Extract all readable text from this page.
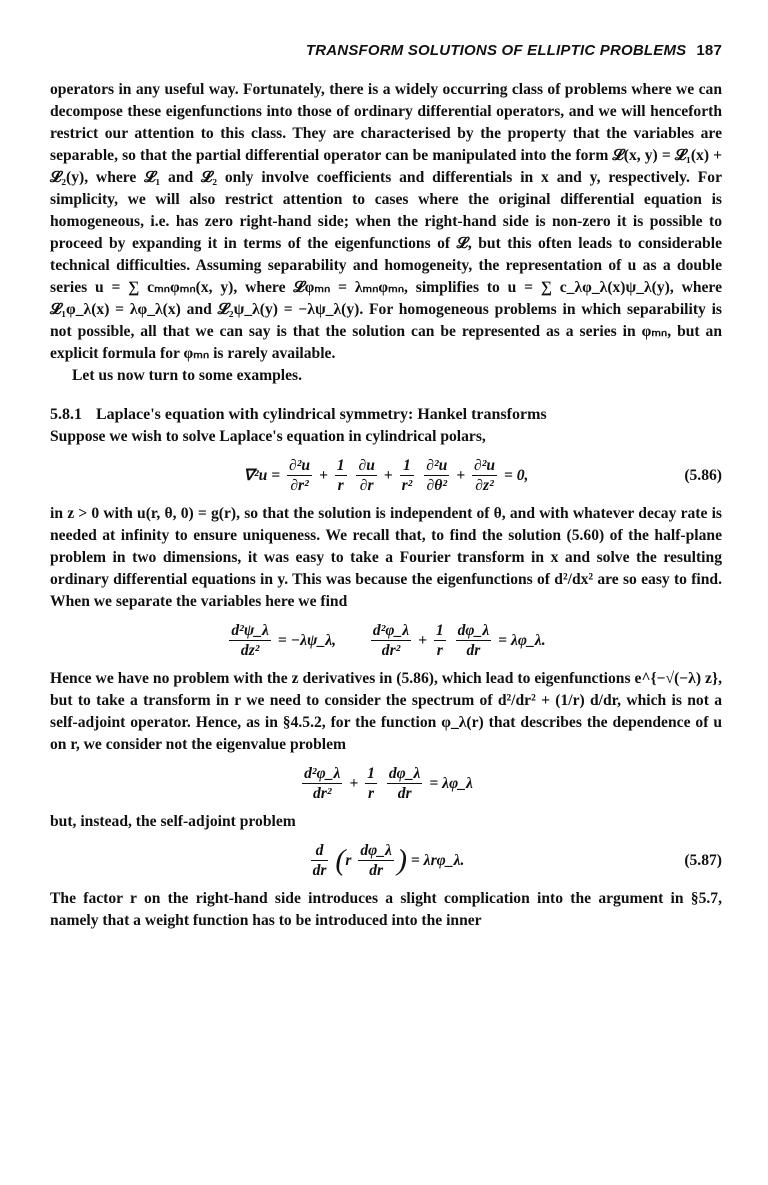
TRANSFORM SOLUTIONS OF ELLIPTIC PROBLEMS 187

operators in any useful way. Fortunately, there is a widely occurring class of problems where we can decompose these eigenfunctions into those of ordinary differential operators, and we will henceforth restrict our attention to this class. They are characterised by the property that the variables are separable, so that the partial differential operator can be manipulated into the form 𝓛(x, y) = 𝓛₁(x) + 𝓛₂(y), where 𝓛₁ and 𝓛₂ only involve coefficients and differentials in x and y, respectively. For simplicity, we will also restrict attention to cases where the original differential equation is homogeneous, i.e. has zero right-hand side; when the right-hand side is non-zero it is possible to proceed by expanding it in terms of the eigenfunctions of 𝓛, but this often leads to considerable technical difficulties. Assuming separability and homogeneity, the representation of u as a double series u = ∑ cₘₙφₘₙ(x, y), where 𝓛φₘₙ = λₘₙφₘₙ, simplifies to u = ∑ c_λφ_λ(x)ψ_λ(y), where 𝓛₁φ_λ(x) = λφ_λ(x) and 𝓛₂ψ_λ(y) = −λψ_λ(y). For homogeneous problems in which separability is not possible, all that we can say is that the solution can be represented as a series in φₘₙ, but an explicit formula for φₘₙ is rarely available.

Let us now turn to some examples.

5.8.1 Laplace's equation with cylindrical symmetry: Hankel transforms

Suppose we wish to solve Laplace's equation in cylindrical polars,

$\nabla^2u = \frac{\text{∂²u}}{\text{∂r²}} + \frac{1}{r}$
$\frac{\partial u}{\partial r} + \frac{1}{\text{r²}}$
$\frac{\text{∂²u}}{\text{∂θ²}} + \frac{\text{∂²u}}{\text{∂z²}} = 0$,	(5.86)

in z > 0 with u(r, θ, 0) = g(r), so that the solution is independent of θ, and with whatever decay rate is needed at infinity to ensure uniqueness. We recall that, to find the solution (5.60) of the half-plane problem in two dimensions, it was easy to take a Fourier transform in x and solve the resulting ordinary differential equations in y. This was because the eigenfunctions of d²/dx² are so easy to find. When we separate the variables here we find

$\frac{\text{d²ψ\_λ}}{\text{dz²}}$ = −λψ_λ, $\frac{\text{d²φ\_λ}}{\text{dr²}} + \frac{1}{r}$
$\frac{d\varphi\_\lambda}{dr}$ = λφ_λ.

Hence we have no problem with the z derivatives in (5.86), which lead to eigenfunctions e^{−√(−λ) z}, but to take a transform in r we need to consider the spectrum of d²/dr² + (1/r) d/dr, which is not a self-adjoint operator. Hence, as in §4.5.2, for the function φ_λ(r) that describes the dependence of u on r, we consider not the eigenvalue problem

$\frac{\text{d²φ\_λ}}{\text{dr²}} + \frac{1}{r}$
$\frac{d\varphi\_\lambda}{dr}$ = λφ_λ

but, instead, the self-adjoint problem

$\frac{d}{dr} (r \frac{d\varphi\_\lambda}{dr}$ ) = λrφ_λ.	(5.87)

The factor r on the right-hand side introduces a slight complication into the argument in §5.7, namely that a weight function has to be introduced into the inner
